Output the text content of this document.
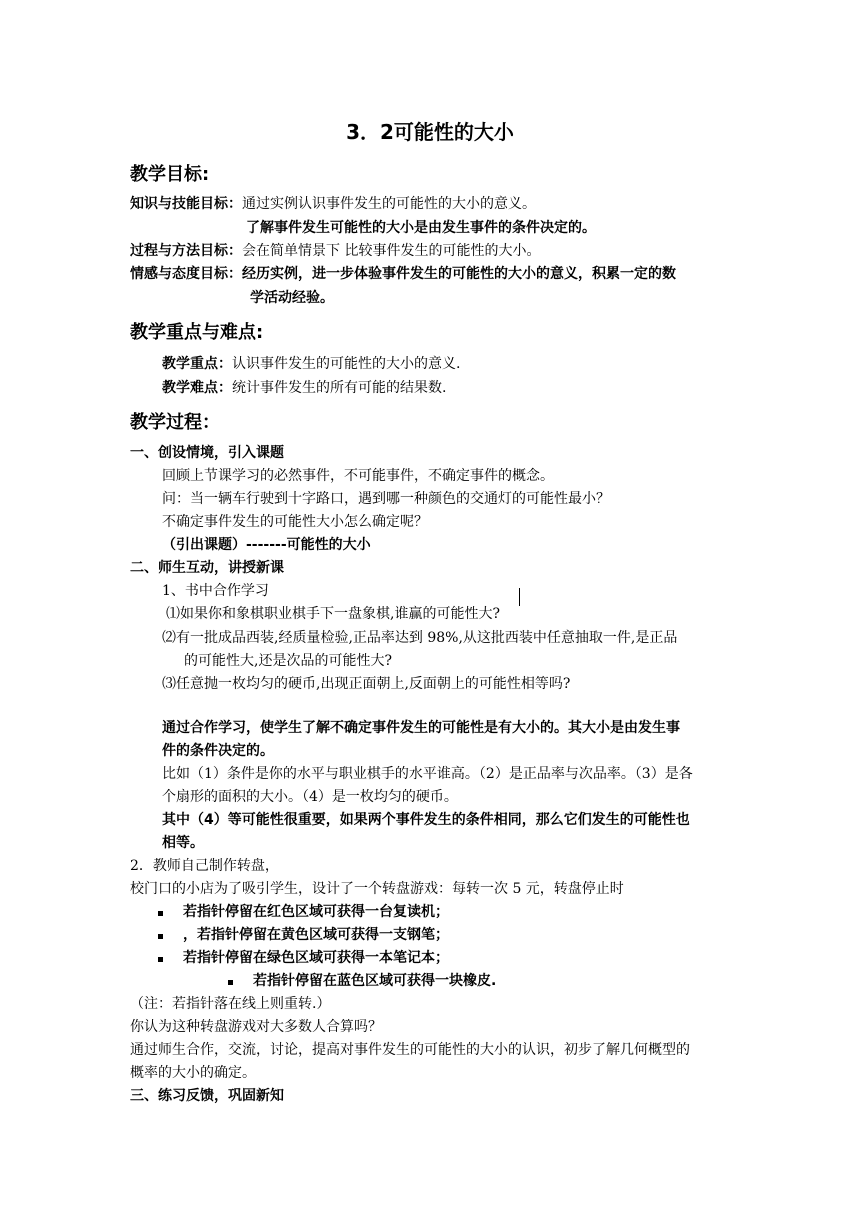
3．2可能性的大小
教学目标:
知识与技能目标：通过实例认识事件发生的可能性的大小的意义。
了解事件发生可能性的大小是由发生事件的条件决定的。
过程与方法目标：会在简单情景下 比较事件发生的可能性的大小。
情感与态度目标：经历实例，进一步体验事件发生的可能性的大小的意义，积累一定的数
学活动经验。
教学重点与难点:
教学重点：认识事件发生的可能性的大小的意义.
教学难点：统计事件发生的所有可能的结果数.
教学过程：
一、创设情境，引入课题
回顾上节课学习的必然事件，不可能事件，不确定事件的概念。
问：当一辆车行驶到十字路口，遇到哪一种颜色的交通灯的可能性最小？
不确定事件发生的可能性大小怎么确定呢？
（引出课题）-------可能性的大小
二、师生互动，讲授新课
1、书中合作学习
⑴如果你和象棋职业棋手下一盘象棋,谁赢的可能性大?
⑵有一批成品西装,经质量检验,正品率达到 98%,从这批西装中任意抽取一件,是正品
的可能性大,还是次品的可能性大?
⑶任意抛一枚均匀的硬币,出现正面朝上,反面朝上的可能性相等吗?
通过合作学习，使学生了解不确定事件发生的可能性是有大小的。其大小是由发生事
件的条件决定的。
比如（1）条件是你的水平与职业棋手的水平谁高。（2）是正品率与次品率。（3）是各
个扇形的面积的大小。（4）是一枚均匀的硬币。
其中（4）等可能性很重要，如果两个事件发生的条件相同，那么它们发生的可能性也
相等。
2．教师自己制作转盘，
校门口的小店为了吸引学生，设计了一个转盘游戏：每转一次 5 元，转盘停止时
若指针停留在红色区域可获得一台复读机；
，若指针停留在黄色区域可获得一支钢笔；
若指针停留在绿色区域可获得一本笔记本；
若指针停留在蓝色区域可获得一块橡皮.
（注：若指针落在线上则重转.）
你认为这种转盘游戏对大多数人合算吗？
通过师生合作，交流，讨论，提高对事件发生的可能性的大小的认识，初步了解几何概型的
概率的大小的确定。
三、练习反馈，巩固新知
